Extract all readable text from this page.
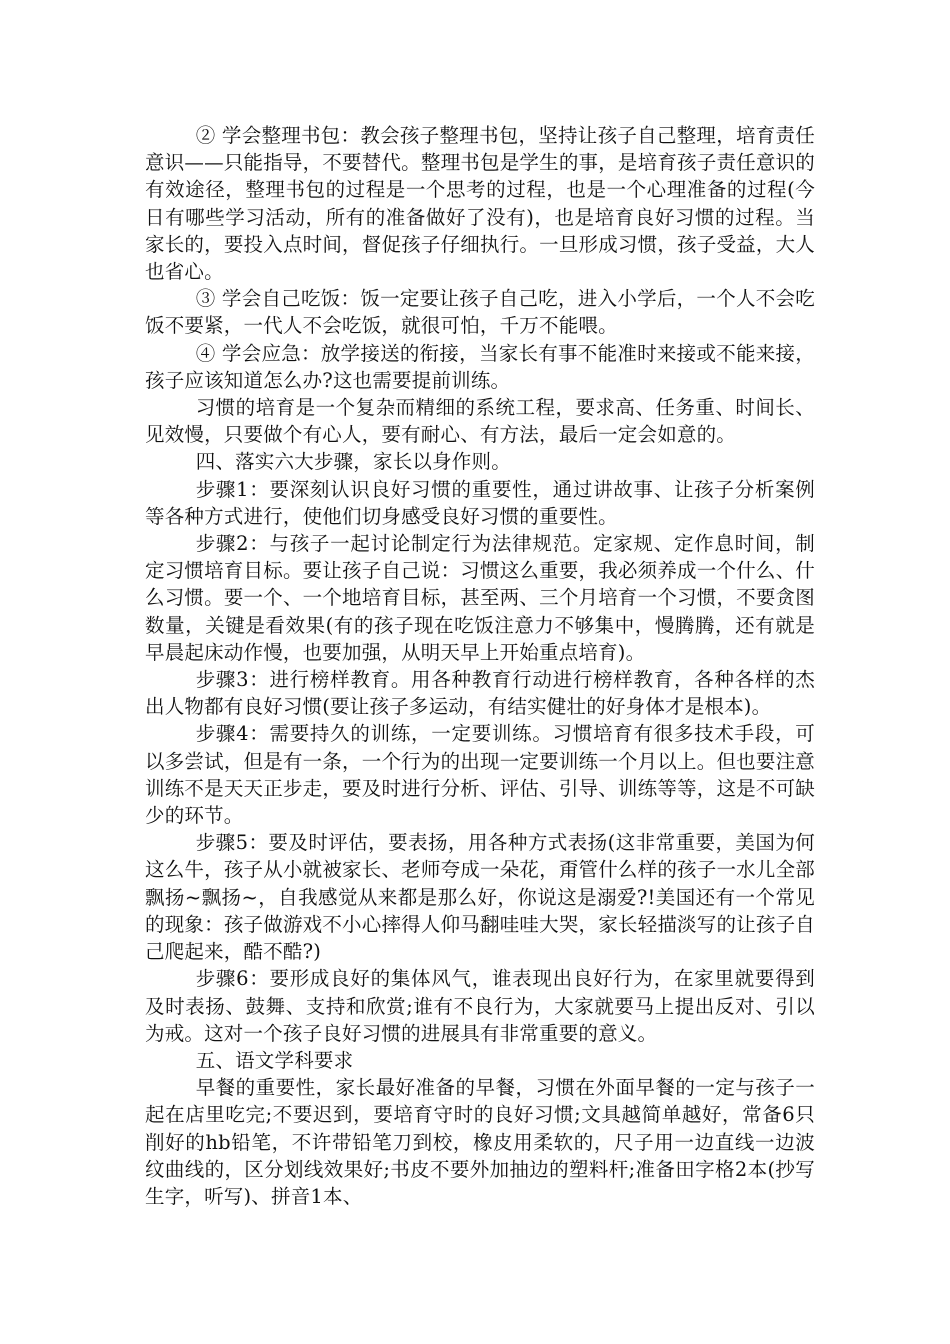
② 学会整理书包：教会孩子整理书包，坚持让孩子自己整理，培育责任意识——只能指导，不要替代。整理书包是学生的事，是培育孩子责任意识的有效途径，整理书包的过程是一个思考的过程，也是一个心理准备的过程(今日有哪些学习活动，所有的准备做好了没有)，也是培育良好习惯的过程。当家长的，要投入点时间，督促孩子仔细执行。一旦形成习惯，孩子受益，大人也省心。

③ 学会自己吃饭：饭一定要让孩子自己吃，进入小学后，一个人不会吃饭不要紧，一代人不会吃饭，就很可怕，千万不能喂。

④ 学会应急：放学接送的衔接，当家长有事不能准时来接或不能来接，孩子应该知道怎么办?这也需要提前训练。

习惯的培育是一个复杂而精细的系统工程，要求高、任务重、时间长、见效慢，只要做个有心人，要有耐心、有方法，最后一定会如意的。

四、落实六大步骤，家长以身作则。

步骤1：要深刻认识良好习惯的重要性，通过讲故事、让孩子分析案例等各种方式进行，使他们切身感受良好习惯的重要性。

步骤2：与孩子一起讨论制定行为法律规范。定家规、定作息时间，制定习惯培育目标。要让孩子自己说：习惯这么重要，我必须养成一个什么、什么习惯。要一个、一个地培育目标，甚至两、三个月培育一个习惯，不要贪图数量，关键是看效果(有的孩子现在吃饭注意力不够集中，慢腾腾，还有就是早晨起床动作慢，也要加强，从明天早上开始重点培育)。

步骤3：进行榜样教育。用各种教育行动进行榜样教育，各种各样的杰出人物都有良好习惯(要让孩子多运动，有结实健壮的好身体才是根本)。

步骤4：需要持久的训练，一定要训练。习惯培育有很多技术手段，可以多尝试，但是有一条，一个行为的出现一定要训练一个月以上。但也要注意训练不是天天正步走，要及时进行分析、评估、引导、训练等等，这是不可缺少的环节。

步骤5：要及时评估，要表扬，用各种方式表扬(这非常重要，美国为何这么牛，孩子从小就被家长、老师夸成一朵花，甭管什么样的孩子一水儿全部飘扬~飘扬~，自我感觉从来都是那么好，你说这是溺爱?!美国还有一个常见的现象：孩子做游戏不小心摔得人仰马翻哇哇大哭，家长轻描淡写的让孩子自己爬起来，酷不酷?)

步骤6：要形成良好的集体风气，谁表现出良好行为，在家里就要得到及时表扬、鼓舞、支持和欣赏;谁有不良行为，大家就要马上提出反对、引以为戒。这对一个孩子良好习惯的进展具有非常重要的意义。

五、语文学科要求

早餐的重要性，家长最好准备的早餐，习惯在外面早餐的一定与孩子一起在店里吃完;不要迟到，要培育守时的良好习惯;文具越简单越好，常备6只削好的hb铅笔，不许带铅笔刀到校，橡皮用柔软的，尺子用一边直线一边波纹曲线的，区分划线效果好;书皮不要外加抽边的塑料杆;准备田字格2本(抄写生字，听写)、拼音1本、
